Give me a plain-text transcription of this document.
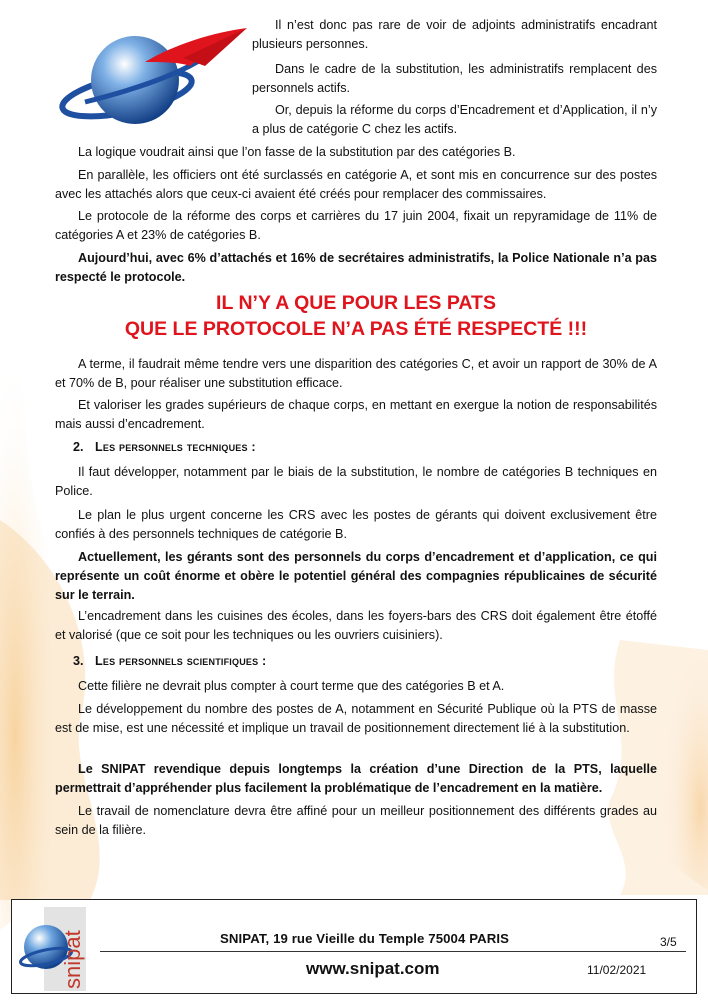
Il n’est donc pas rare de voir de adjoints administratifs encadrant plusieurs personnes.

Dans le cadre de la substitution, les administratifs remplacent des personnels actifs.

Or, depuis la réforme du corps d’Encadrement et d’Application, il n’y a plus de catégorie C chez les actifs.

La logique voudrait ainsi que l’on fasse de la substitution par des catégories B.

En parallèle, les officiers ont été surclassés en catégorie A, et sont mis en concurrence sur des postes avec les attachés alors que ceux-ci avaient été créés pour remplacer des commissaires.

Le protocole de la réforme des corps et carrières du 17 juin 2004, fixait un repyramidage de 11% de catégories A et 23% de catégories B.

Aujourd’hui, avec 6% d’attachés et 16% de secrétaires administratifs, la Police Nationale n’a pas respecté le protocole.

IL N’Y A QUE POUR LES PATS

QUE LE PROTOCOLE N’A PAS ÉTÉ RESPECTÉ !!!

A terme, il faudrait même tendre vers une disparition des catégories C, et avoir un rapport de 30% de A et 70% de B, pour réaliser une substitution efficace.

Et valoriser les grades supérieurs de chaque corps, en mettant en exergue la notion de responsabilités mais aussi d’encadrement.

2. Les personnels techniques :

Il faut développer, notamment par le biais de la substitution, le nombre de catégories B techniques en Police.

Le plan le plus urgent concerne les CRS avec les postes de gérants qui doivent exclusivement être confiés à des personnels techniques de catégorie B.

Actuellement, les gérants sont des personnels du corps d’encadrement et d’application, ce qui représente un coût énorme et obère le potentiel général des compagnies républicaines de sécurité sur le terrain.

L’encadrement dans les cuisines des écoles, dans les foyers-bars des CRS doit également être étoffé et valorisé (que ce soit pour les techniques ou les ouvriers cuisiniers).

3. Les personnels scientifiques :

Cette filière ne devrait plus compter à court terme que des catégories B et A.

Le développement du nombre des postes de A, notamment en Sécurité Publique où la PTS de masse est de mise, est une nécessité et implique un travail de positionnement directement lié à la substitution.

Le SNIPAT revendique depuis longtemps la création d’une Direction de la PTS, laquelle permettrait d’appréhender plus facilement la problématique de l’encadrement en la matière.

Le travail de nomenclature devra être affiné pour un meilleur positionnement des différents grades au sein de la filière.

snipat	SNIPAT, 19 rue Vieille du Temple 75004 PARIS

www.snipat.com

3/5

11/02/2021
